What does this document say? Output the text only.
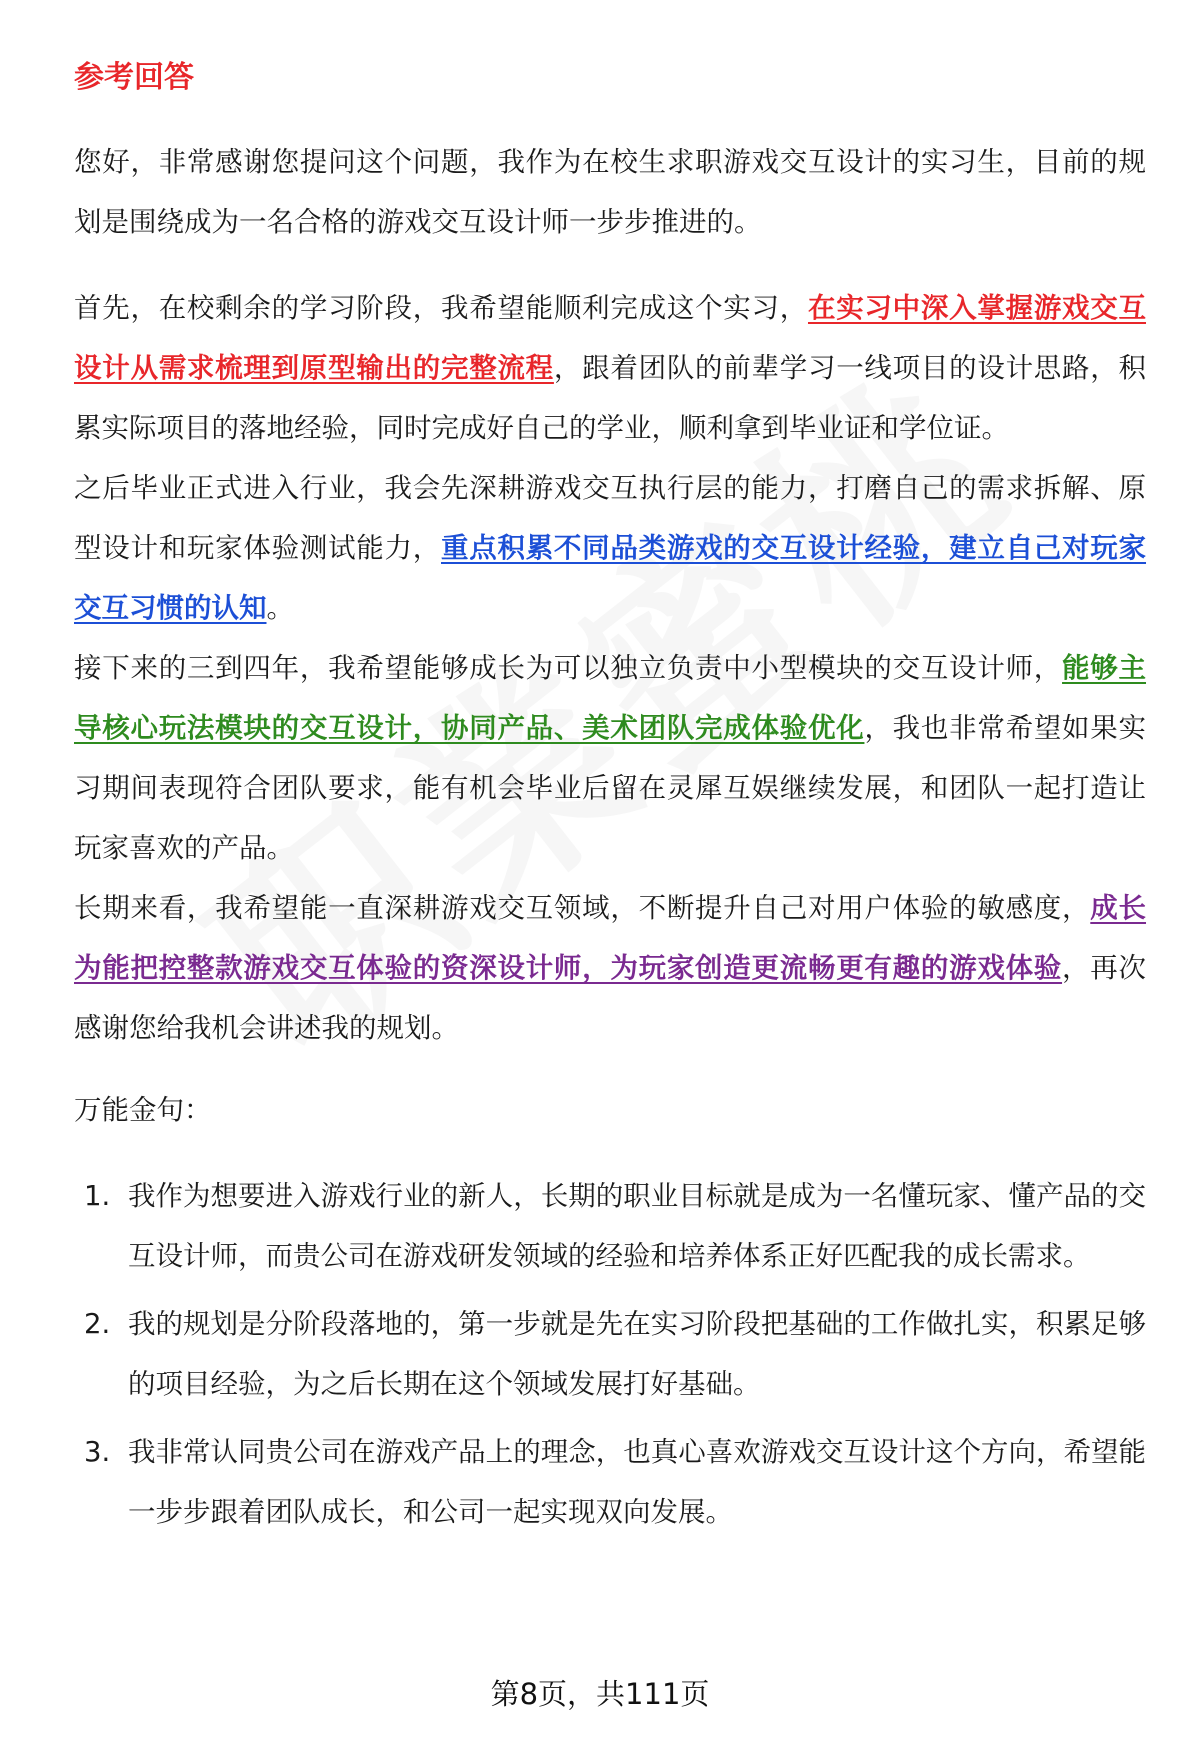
参考回答

您好，非常感谢您提问这个问题，我作为在校生求职游戏交互设计的实习生，目前的规划是围绕成为一名合格的游戏交互设计师一步步推进的。

首先，在校剩余的学习阶段，我希望能顺利完成这个实习，在实习中深入掌握游戏交互设计从需求梳理到原型输出的完整流程，跟着团队的前辈学习一线项目的设计思路，积累实际项目的落地经验，同时完成好自己的学业，顺利拿到毕业证和学位证。

之后毕业正式进入行业，我会先深耕游戏交互执行层的能力，打磨自己的需求拆解、原型设计和玩家体验测试能力，重点积累不同品类游戏的交互设计经验，建立自己对玩家交互习惯的认知。

接下来的三到四年，我希望能够成长为可以独立负责中小型模块的交互设计师，能够主导核心玩法模块的交互设计，协同产品、美术团队完成体验优化，我也非常希望如果实习期间表现符合团队要求，能有机会毕业后留在灵犀互娱继续发展，和团队一起打造让玩家喜欢的产品。

长期来看，我希望能一直深耕游戏交互领域，不断提升自己对用户体验的敏感度，成长为能把控整款游戏交互体验的资深设计师，为玩家创造更流畅更有趣的游戏体验，再次感谢您给我机会讲述我的规划。

万能金句：

1. 我作为想要进入游戏行业的新人，长期的职业目标就是成为一名懂玩家、懂产品的交互设计师，而贵公司在游戏研发领域的经验和培养体系正好匹配我的成长需求。
2. 我的规划是分阶段落地的，第一步就是先在实习阶段把基础的工作做扎实，积累足够的项目经验，为之后长期在这个领域发展打好基础。
3. 我非常认同贵公司在游戏产品上的理念，也真心喜欢游戏交互设计这个方向，希望能一步步跟着团队成长，和公司一起实现双向发展。
第8页，共111页
